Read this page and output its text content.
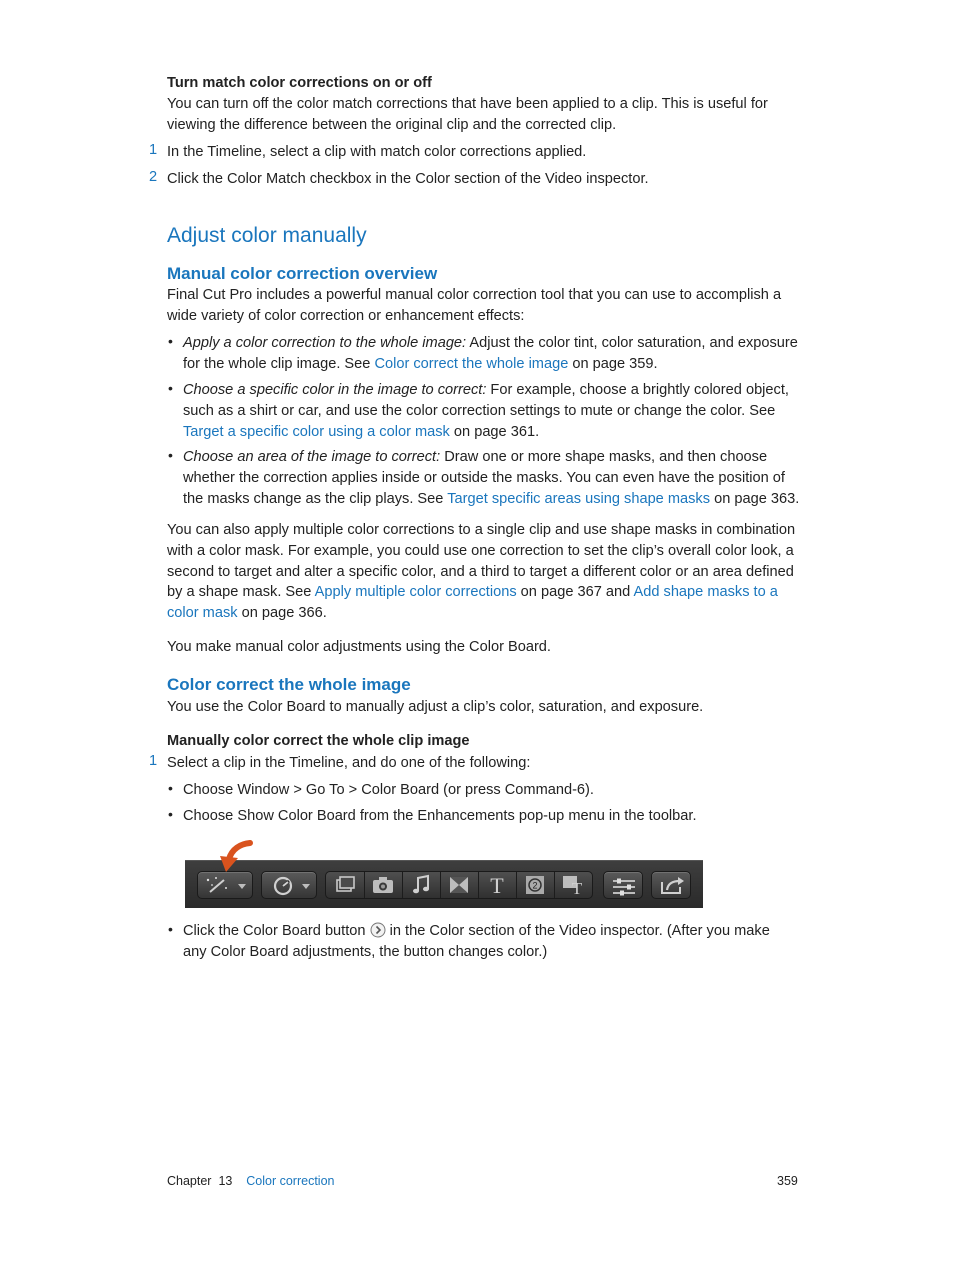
Turn match color corrections on or off

You can turn off the color match corrections that have been applied to a clip. This is useful for viewing the difference between the original clip and the corrected clip.

1 In the Timeline, select a clip with match color corrections applied.

2 Click the Color Match checkbox in the Color section of the Video inspector.

Adjust color manually
Manual color correction overview

Final Cut Pro includes a powerful manual color correction tool that you can use to accomplish a wide variety of color correction or enhancement effects:

• Apply a color correction to the whole image: Adjust the color tint, color saturation, and exposure for the whole clip image. See Color correct the whole image on page 359.

• Choose a specific color in the image to correct: For example, choose a brightly colored object, such as a shirt or car, and use the color correction settings to mute or change the color. See Target a specific color using a color mask on page 361.

• Choose an area of the image to correct: Draw one or more shape masks, and then choose whether the correction applies inside or outside the masks. You can even have the position of the masks change as the clip plays. See Target specific areas using shape masks on page 363.

You can also apply multiple color corrections to a single clip and use shape masks in combination with a color mask. For example, you could use one correction to set the clip’s overall color look, a second to target and alter a specific color, and a third to target a different color or an area defined by a shape mask. See Apply multiple color corrections on page 367 and Add shape masks to a color mask on page 366.

You make manual color adjustments using the Color Board.

Color correct the whole image

You use the Color Board to manually adjust a clip’s color, saturation, and exposure.

Manually color correct the whole clip image

1 Select a clip in the Timeline, and do one of the following:

• Choose Window > Go To > Color Board (or press Command-6).

• Choose Show Color Board from the Enhancements pop-up menu in the toolbar.

T	2 T
• Click the Color Board button  in the Color section of the Video inspector. (After you make any Color Board adjustments, the button changes color.)

Chapter 13 Color correction	359
